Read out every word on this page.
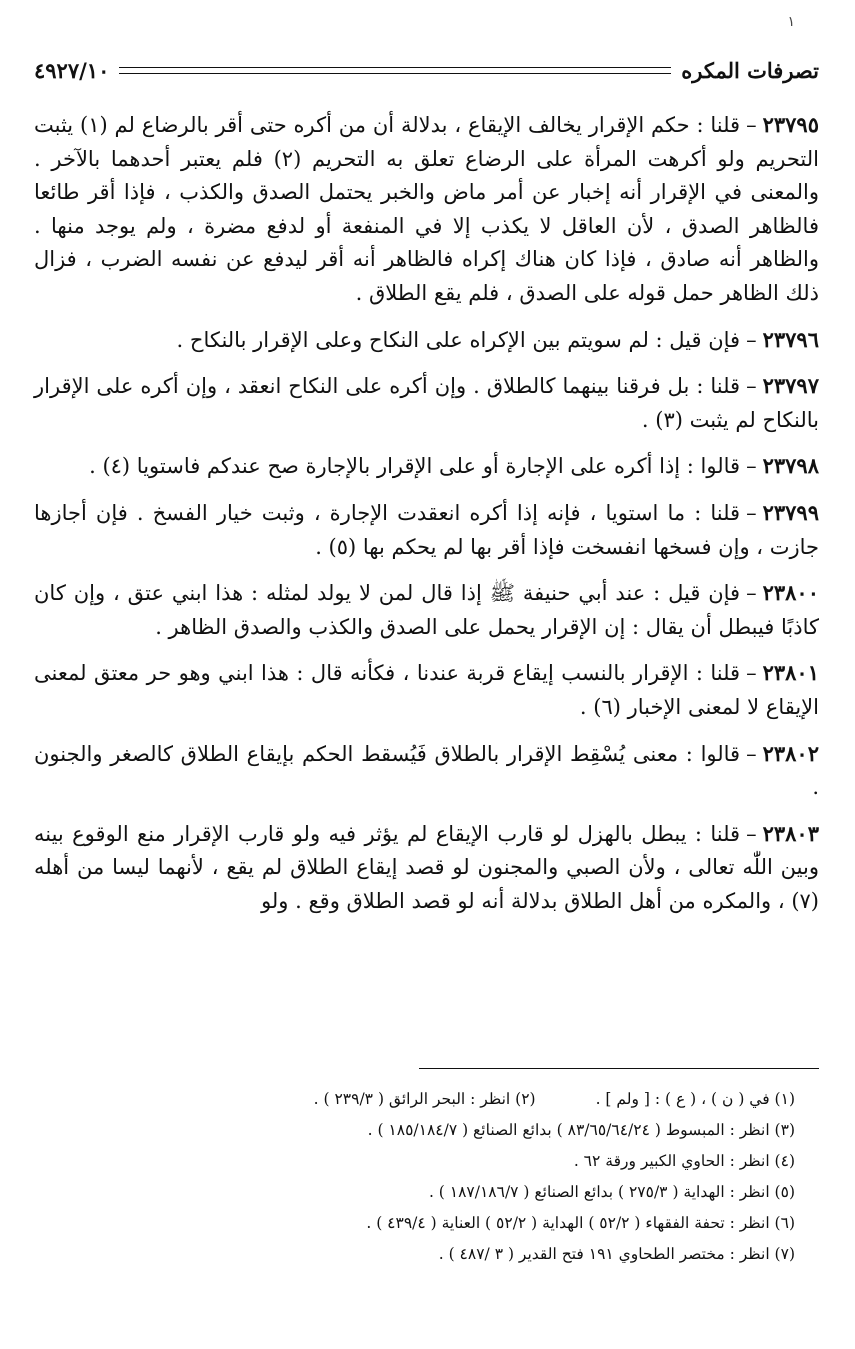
١
تصرفات المكره
٤٩٢٧/١٠

٢٣٧٩٥–قلنا : حكم الإقرار يخالف الإيقاع ، بدلالة أن من أكره حتى أقر بالرضاع لم (١) يثبت التحريم ولو أكرهت المرأة على الرضاع تعلق به التحريم (٢) فلم يعتبر أحدهما بالآخر . والمعنى في الإقرار أنه إخبار عن أمر ماض والخبر يحتمل الصدق والكذب ، فإذا أقر طائعا فالظاهر الصدق ، لأن العاقل لا يكذب إلا في المنفعة أو لدفع مضرة ، ولم يوجد منها . والظاهر أنه صادق ، فإذا كان هناك إكراه فالظاهر أنه أقر ليدفع عن نفسه الضرب ، فزال ذلك الظاهر حمل قوله على الصدق ، فلم يقع الطلاق .

٢٣٧٩٦–فإن قيل : لم سويتم بين الإكراه على النكاح وعلى الإقرار بالنكاح .

٢٣٧٩٧–قلنا : بل فرقنا بينهما كالطلاق . وإن أكره على النكاح انعقد ، وإن أكره على الإقرار بالنكاح لم يثبت (٣) .

٢٣٧٩٨–قالوا : إذا أكره على الإجارة أو على الإقرار بالإجارة صح عندكم فاستويا (٤) .

٢٣٧٩٩–قلنا : ما استويا ، فإنه إذا أكره انعقدت الإجارة ، وثبت خيار الفسخ . فإن أجازها جازت ، وإن فسخها انفسخت فإذا أقر بها لم يحكم بها (٥) .

٢٣٨٠٠–فإن قيل : عند أبي حنيفة ﷺ إذا قال لمن لا يولد لمثله : هذا ابني عتق ، وإن كان كاذبًا فيبطل أن يقال : إن الإقرار يحمل على الصدق والكذب والصدق الظاهر .

٢٣٨٠١–قلنا : الإقرار بالنسب إيقاع قربة عندنا ، فكأنه قال : هذا ابني وهو حر معتق لمعنى الإيقاع لا لمعنى الإخبار (٦) .

٢٣٨٠٢–قالوا : معنى يُسْقِط الإقرار بالطلاق فَيُسقط الحكم بإيقاع الطلاق كالصغر والجنون .

٢٣٨٠٣–قلنا : يبطل بالهزل لو قارب الإيقاع لم يؤثر فيه ولو قارب الإقرار منع الوقوع بينه وبين اللّٰه تعالى ، ولأن الصبي والمجنون لو قصد إيقاع الطلاق لم يقع ، لأنهما ليسا من أهله (٧) ، والمكره من أهل الطلاق بدلالة أنه لو قصد الطلاق وقع . ولو

(١) في ( ن ) ، ( ع ) : [ ولم ] .
(٢) انظر : البحر الرائق ( ٢٣٩/٣ ) .
(٣) انظر : المبسوط ( ٨٣/٦٥/٦٤/٢٤ ) بدائع الصنائع ( ١٨٥/١٨٤/٧ ) .
(٤) انظر : الحاوي الكبير ورقة ٦٢ .
(٥) انظر : الهداية ( ٢٧٥/٣ ) بدائع الصنائع ( ١٨٧/١٨٦/٧ ) .
(٦) انظر : تحفة الفقهاء ( ٥٢/٢ ) الهداية ( ٥٢/٢ ) العناية ( ٤٣٩/٤ ) .
(٧) انظر : مختصر الطحاوي ١٩١ فتح القدير ( ٣ /٤٨٧ ) .
